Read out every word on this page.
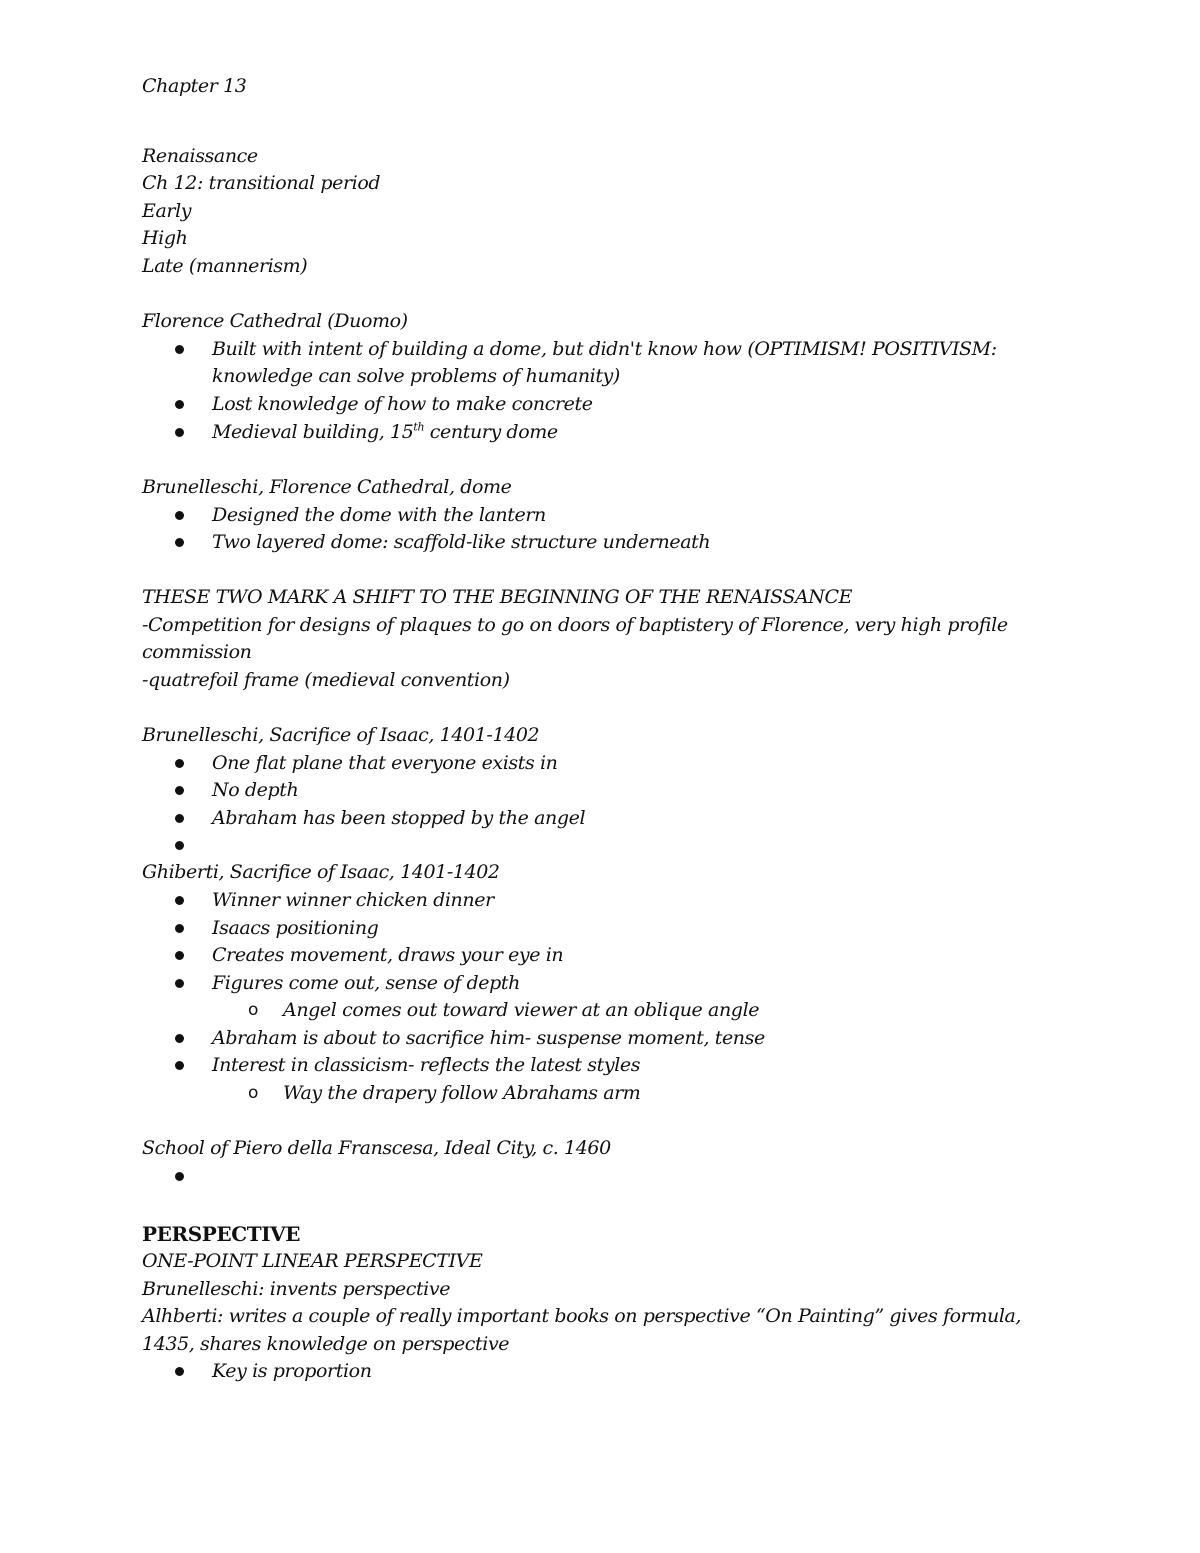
Chapter 13
Renaissance
Ch 12: transitional period
Early
High
Late (mannerism)
Florence Cathedral (Duomo)
Built with intent of building a dome, but didn't know how (OPTIMISM! POSITIVISM:
knowledge can solve problems of humanity)
Lost knowledge of how to make concrete
Medieval building, 15th century dome
Brunelleschi, Florence Cathedral, dome
Designed the dome with the lantern
Two layered dome: scaffold-like structure underneath
THESE TWO MARK A SHIFT TO THE BEGINNING OF THE RENAISSANCE
-Competition for designs of plaques to go on doors of baptistery of Florence, very high profile
commission
-quatrefoil frame (medieval convention)
Brunelleschi, Sacrifice of Isaac, 1401-1402
One flat plane that everyone exists in
No depth
Abraham has been stopped by the angel
Ghiberti, Sacrifice of Isaac, 1401-1402
Winner winner chicken dinner
Isaacs positioning
Creates movement, draws your eye in
Figures come out, sense of depth
o Angel comes out toward viewer at an oblique angle
Abraham is about to sacrifice him- suspense moment, tense
Interest in classicism- reflects the latest styles
o Way the drapery follow Abrahams arm
School of Piero della Franscesa, Ideal City, c. 1460
PERSPECTIVE
ONE-POINT LINEAR PERSPECTIVE
Brunelleschi: invents perspective
Alhberti: writes a couple of really important books on perspective “On Painting” gives formula,
1435, shares knowledge on perspective
Key is proportion
